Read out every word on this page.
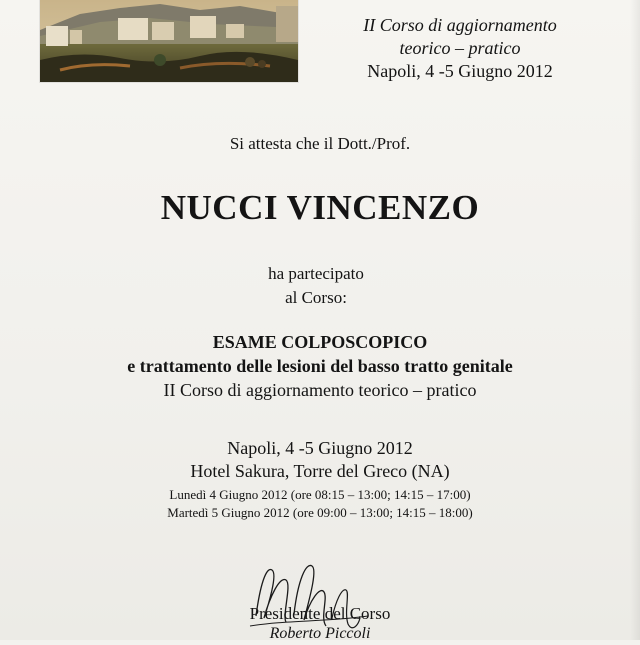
II Corso di aggiornamento
teorico – pratico
Napoli, 4 -5 Giugno 2012
Si attesta che il Dott./Prof.
NUCCI VINCENZO
ha partecipato
al Corso:
ESAME COLPOSCOPICO
e trattamento delle lesioni del basso tratto genitale
II Corso di aggiornamento teorico – pratico
Napoli, 4 -5 Giugno 2012
Hotel Sakura, Torre del Greco (NA)
Lunedì 4 Giugno 2012 (ore 08:15 – 13:00; 14:15 – 17:00)
Martedì 5 Giugno 2012 (ore 09:00 – 13:00; 14:15 – 18:00)
Presidente del Corso
Roberto Piccoli
